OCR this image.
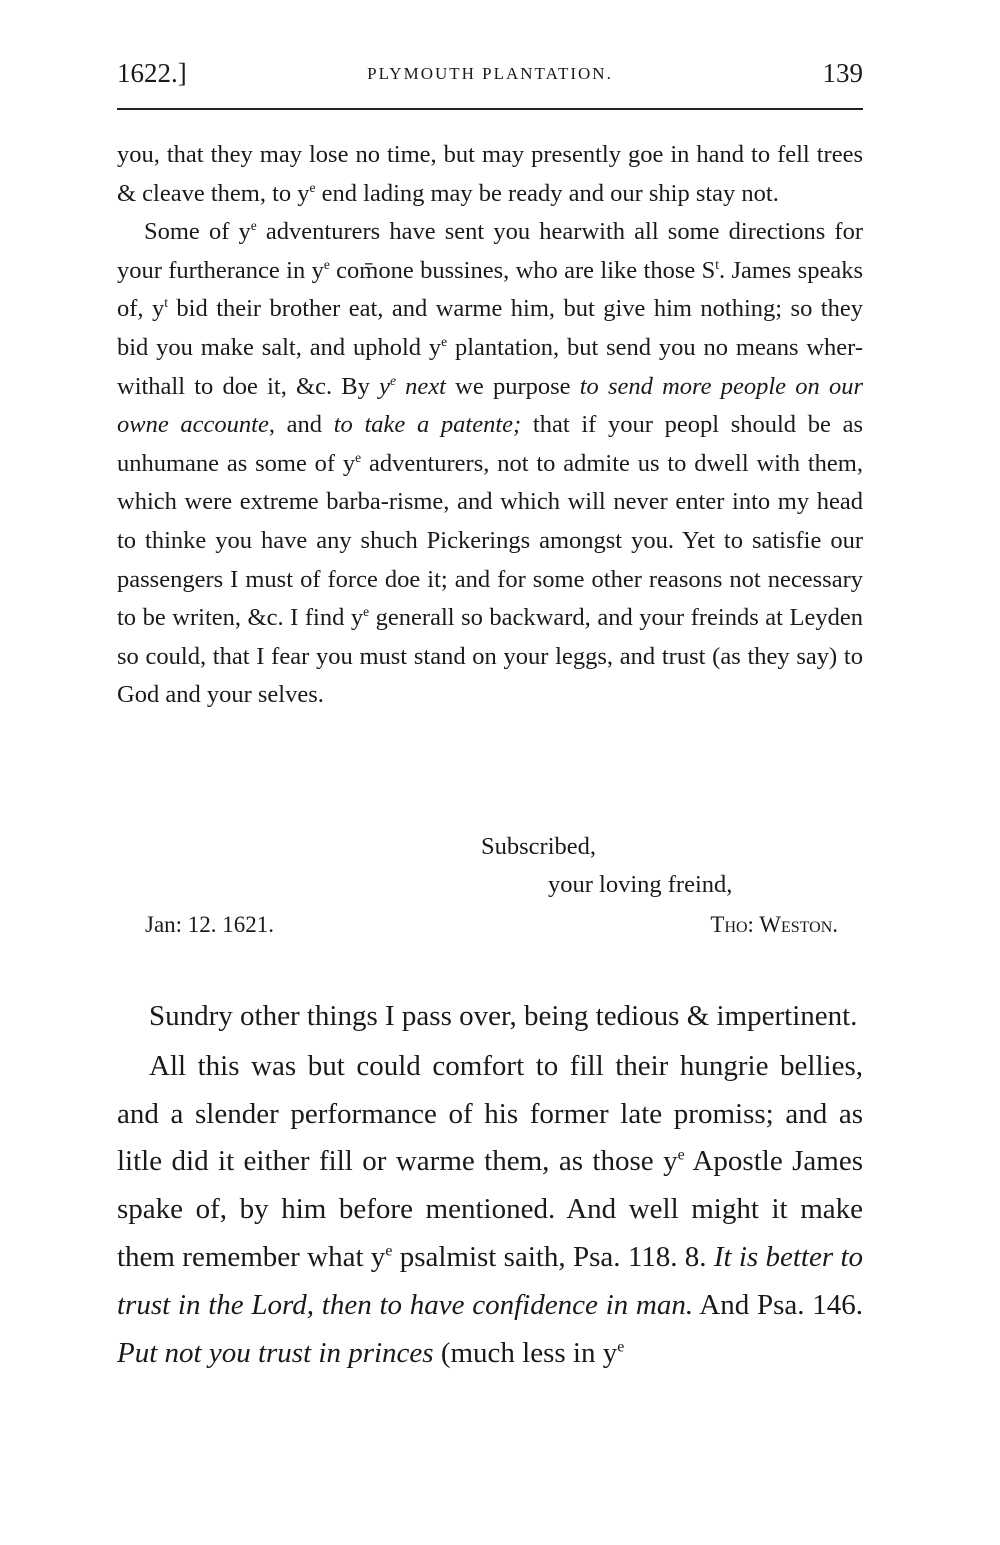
1622.]	PLYMOUTH PLANTATION.	139

you, that they may lose no time, but may presently goe in hand to fell trees & cleave them, to $y^e$ end lading may be ready and our ship stay not.

Some of $y^e$ adventurers have sent you hearwith all some directions for your furtherance in $y^e$ com̄one bussines, who are like those $S^t$. James speaks of, $y^t$ bid their brother eat, and warme him, but give him nothing; so they bid you make salt, and uphold $y^e$ plantation, but send you no means wher-withall to doe it, &c. By $y^e$ next we purpose to send more people on our owne accounte, and to take a patente; that if your peopl should be as unhumane as some of $y^e$ adventurers, not to admite us to dwell with them, which were extreme barba-risme, and which will never enter into my head to thinke you have any shuch Pickerings amongst you. Yet to satisfie our passengers I must of force doe it; and for some other reasons not necessary to be writen, &c. I find $y^e$ generall so backward, and your freinds at Leyden so could, that I fear you must stand on your leggs, and trust (as they say) to God and your selves.

Subscribed,
your loving freind,
Jan: 12. 1621.	Tho: Weston.

Sundry other things I pass over, being tedious & impertinent.

All this was but could comfort to fill their hungrie bellies, and a slender performance of his former late promiss; and as litle did it either fill or warme them, as those $y^e$ Apostle James spake of, by him before mentioned. And well might it make them remember what $y^e$ psalmist saith, Psa. 118. 8. It is better to trust in the Lord, then to have confidence in man. And Psa. 146. Put not you trust in princes (much less in $y^e$
